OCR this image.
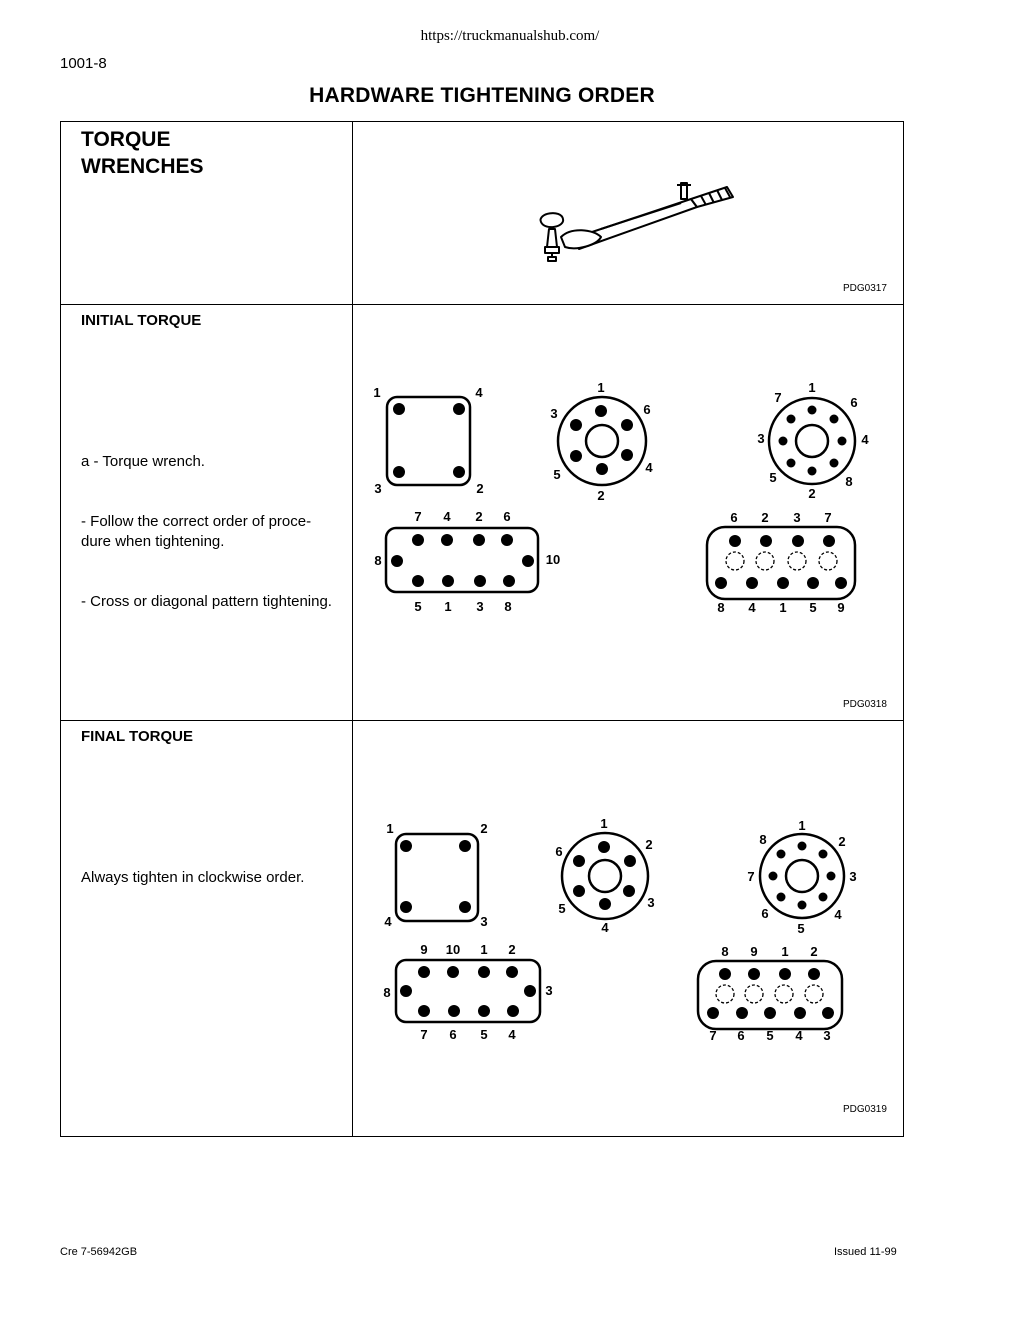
https://truckmanualshub.com/
1001-8
HARDWARE TIGHTENING ORDER
TORQUE
WRENCHES
PDG0317
INITIAL TORQUE
a - Torque wrench.
- Follow the correct order of proce-
dure when tightening.
- Cross or diagonal pattern tightening.
PDG0318
FINAL TORQUE
Always tighten in clockwise order.
PDG0319
1	4
3	2
1
6
4
2
5
3
1
6
4
8
2
5
3
7
7 4 2 6
5 1 3 8
8	10
6 2 3 7
8 4 1 5 9
1	2
4	3
1
2
3
4
5
6
1
2
3
4
5
6
7
8
9 10 1 2
7 6 5 4
8	3
8 9 1 2
7 6 5 4 3
Cre 7-56942GB	Issued 11-99
